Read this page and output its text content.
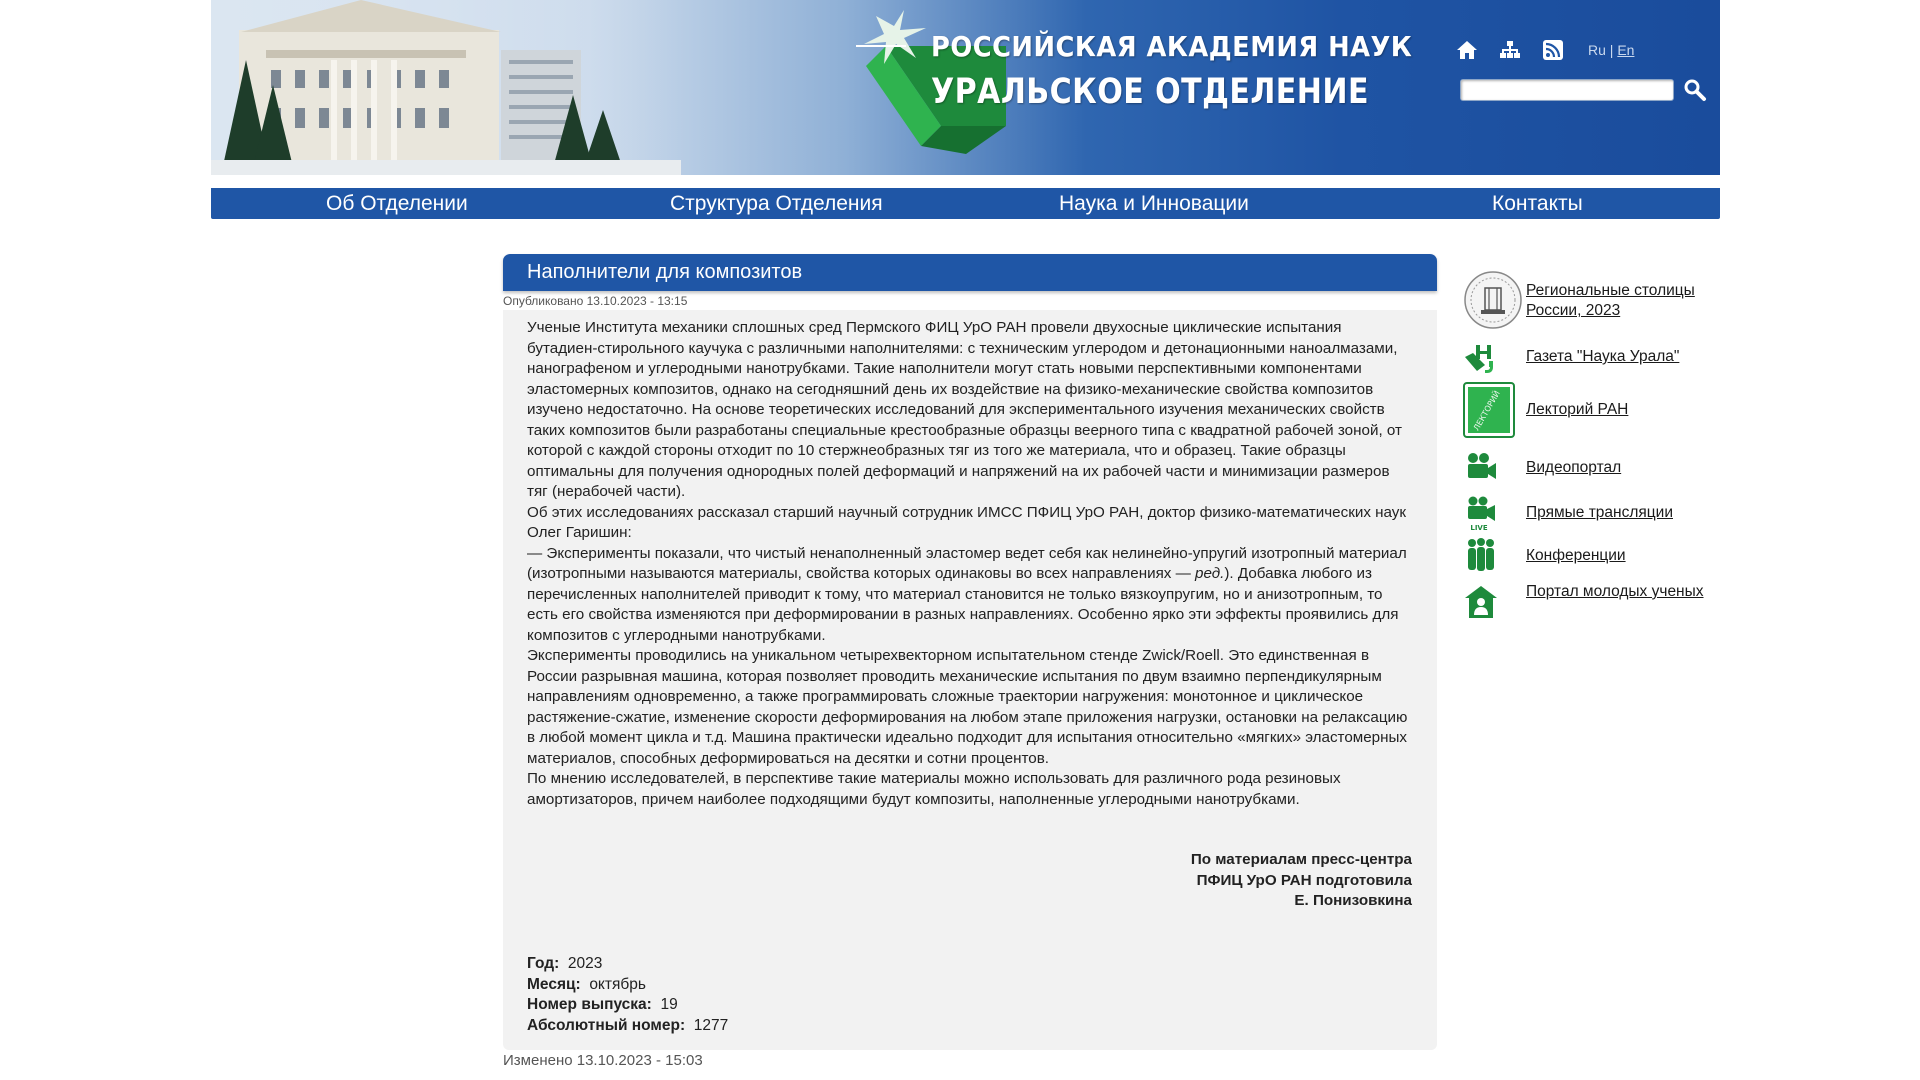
РОССИЙСКАЯ АКАДЕМИЯ НАУК
УРАЛЬСКОЕ ОТДЕЛЕНИЕ
Ru | En
Об Отделении	Структура Отделения	Наука и Инновации	Контакты
Наполнители для композитов
Опубликовано 13.10.2023 - 13:15

Ученые Института механики сплошных сред Пермского ФИЦ УрО РАН провели двухосные циклические испытания бутадиен-стирольного каучука с различными наполнителями: с техническим углеродом и детонационными наноалмазами, нанографеном и углеродными нанотрубками. Такие наполнители могут стать новыми перспективными компонентами эластомерных композитов, однако на сегодняшний день их воздействие на физико-механические свойства композитов изучено недостаточно. На основе теоретических исследований для экспериментального изучения механических свойств таких композитов были разработаны специальные крестообразные образцы веерного типа с квадратной рабочей зоной, от которой с каждой стороны отходит по 10 стержнеобразных тяг из того же материала, что и образец. Такие образцы оптимальны для получения однородных полей деформаций и напряжений на их рабочей части и минимизации размеров тяг (нерабочей части).

Об этих исследованиях рассказал старший научный сотрудник ИМСС ПФИЦ УрО РАН, доктор физико-математических наук Олег Гаришин:

— Эксперименты показали, что чистый ненаполненный эластомер ведет себя как нелинейно-упругий изотропный материал (изотропными называются материалы, свойства которых одинаковы во всех направлениях — ред.). Добавка любого из перечисленных наполнителей приводит к тому, что материал становится не только вязкоупругим, но и анизотропным, то есть его свойства изменяются при деформировании в разных направлениях. Особенно ярко эти эффекты проявились для композитов с углеродными нанотрубками.

Эксперименты проводились на уникальном четырехвекторном испытательном стенде Zwick/Roell. Это единственная в России разрывная машина, которая позволяет проводить механические испытания по двум взаимно перпендикулярным направлениям одновременно, а также программировать сложные траектории нагружения: монотонное и циклическое растяжение-сжатие, изменение скорости деформирования на любом этапе приложения нагрузки, остановки на релаксацию в любой момент цикла и т.д. Машина практически идеально подходит для испытания относительно «мягких» эластомерных материалов, способных деформироваться на десятки и сотни процентов.

По мнению исследователей, в перспективе такие материалы можно использовать для различного рода резиновых амортизаторов, причем наиболее подходящими будут композиты, наполненные углеродными нанотрубками.

По материалам пресс-центра
ПФИЦ УрО РАН подготовила
Е. Понизовкина
Год: 2023
Месяц: октябрь
Номер выпуска: 19
Абсолютный номер: 1277
Изменено 13.10.2023 - 15:03
Региональные столицы России, 2023
Газета "Наука Урала"
ЛЕКТОРИЙ Лекторий РАН
Видеопортал
LIVE
Прямые трансляции
Конференции
Портал молодых ученых
